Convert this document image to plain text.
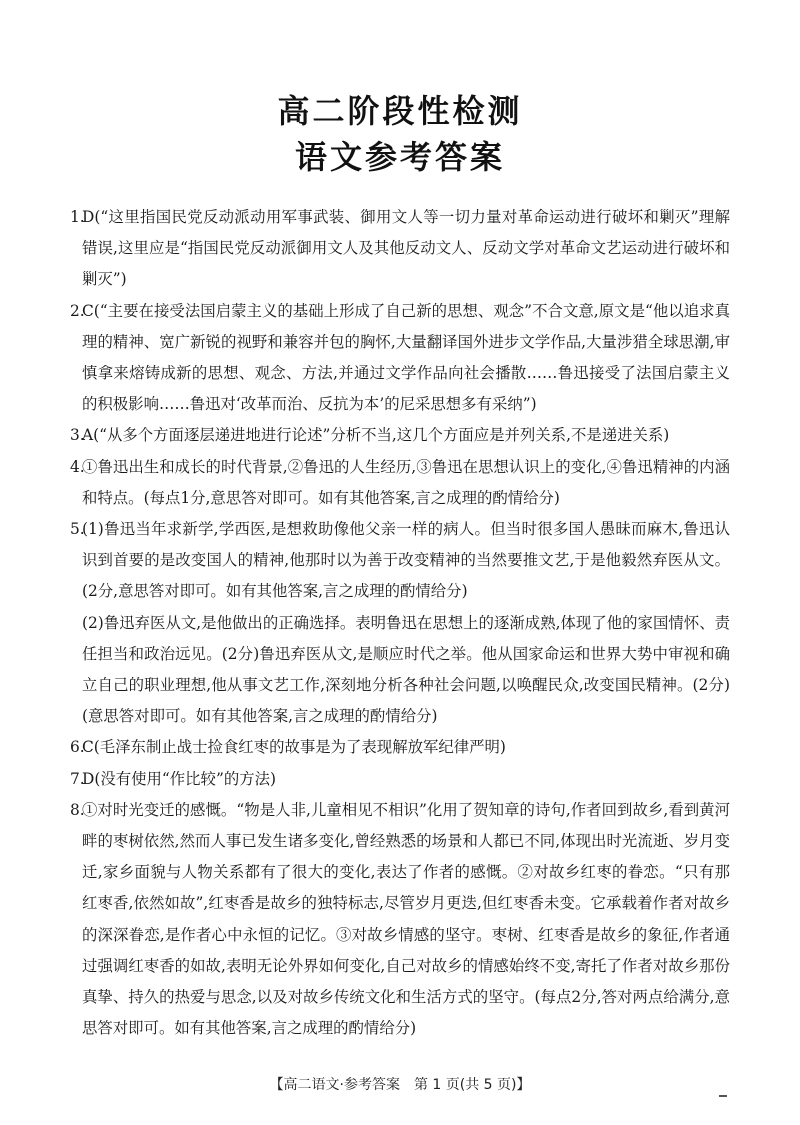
高二阶段性检测
语文参考答案
1.
D(“这里指国民党反动派动用军事武装、御用文人等一切力量对革命运动进行破坏和剿灭”理解错误,这里应是“指国民党反动派御用文人及其他反动文人、反动文学对革命文艺运动进行破坏和剿灭”)
2.
C(“主要在接受法国启蒙主义的基础上形成了自己新的思想、观念”不合文意,原文是“他以追求真理的精神、宽广新锐的视野和兼容并包的胸怀,大量翻译国外进步文学作品,大量涉猎全球思潮,审慎拿来熔铸成新的思想、观念、方法,并通过文学作品向社会播散……鲁迅接受了法国启蒙主义的积极影响……鲁迅对‘改革而治、反抗为本’的尼采思想多有采纳”)
3.
A(“从多个方面逐层递进地进行论述”分析不当,这几个方面应是并列关系,不是递进关系)
4.
①鲁迅出生和成长的时代背景,②鲁迅的人生经历,③鲁迅在思想认识上的变化,④鲁迅精神的内涵和特点。(每点1分,意思答对即可。如有其他答案,言之成理的酌情给分)
5.
(1)鲁迅当年求新学,学西医,是想救助像他父亲一样的病人。但当时很多国人愚昧而麻木,鲁迅认识到首要的是改变国人的精神,他那时以为善于改变精神的当然要推文艺,于是他毅然弃医从文。(2分,意思答对即可。如有其他答案,言之成理的酌情给分)
(2)鲁迅弃医从文,是他做出的正确选择。表明鲁迅在思想上的逐渐成熟,体现了他的家国情怀、责任担当和政治远见。(2分)鲁迅弃医从文,是顺应时代之举。他从国家命运和世界大势中审视和确立自己的职业理想,他从事文艺工作,深刻地分析各种社会问题,以唤醒民众,改变国民精神。(2分)(意思答对即可。如有其他答案,言之成理的酌情给分)
6.
C(毛泽东制止战士捡食红枣的故事是为了表现解放军纪律严明)
7.
D(没有使用“作比较”的方法)
8.
①对时光变迁的感慨。“物是人非,儿童相见不相识”化用了贺知章的诗句,作者回到故乡,看到黄河畔的枣树依然,然而人事已发生诸多变化,曾经熟悉的场景和人都已不同,体现出时光流逝、岁月变迁,家乡面貌与人物关系都有了很大的变化,表达了作者的感慨。②对故乡红枣的眷恋。“只有那红枣香,依然如故”,红枣香是故乡的独特标志,尽管岁月更迭,但红枣香未变。它承载着作者对故乡的深深眷恋,是作者心中永恒的记忆。③对故乡情感的坚守。枣树、红枣香是故乡的象征,作者通过强调红枣香的如故,表明无论外界如何变化,自己对故乡的情感始终不变,寄托了作者对故乡那份真挚、持久的热爱与思念,以及对故乡传统文化和生活方式的坚守。(每点2分,答对两点给满分,意思答对即可。如有其他答案,言之成理的酌情给分)
【高二语文·参考答案　第 1 页(共 5 页)】
